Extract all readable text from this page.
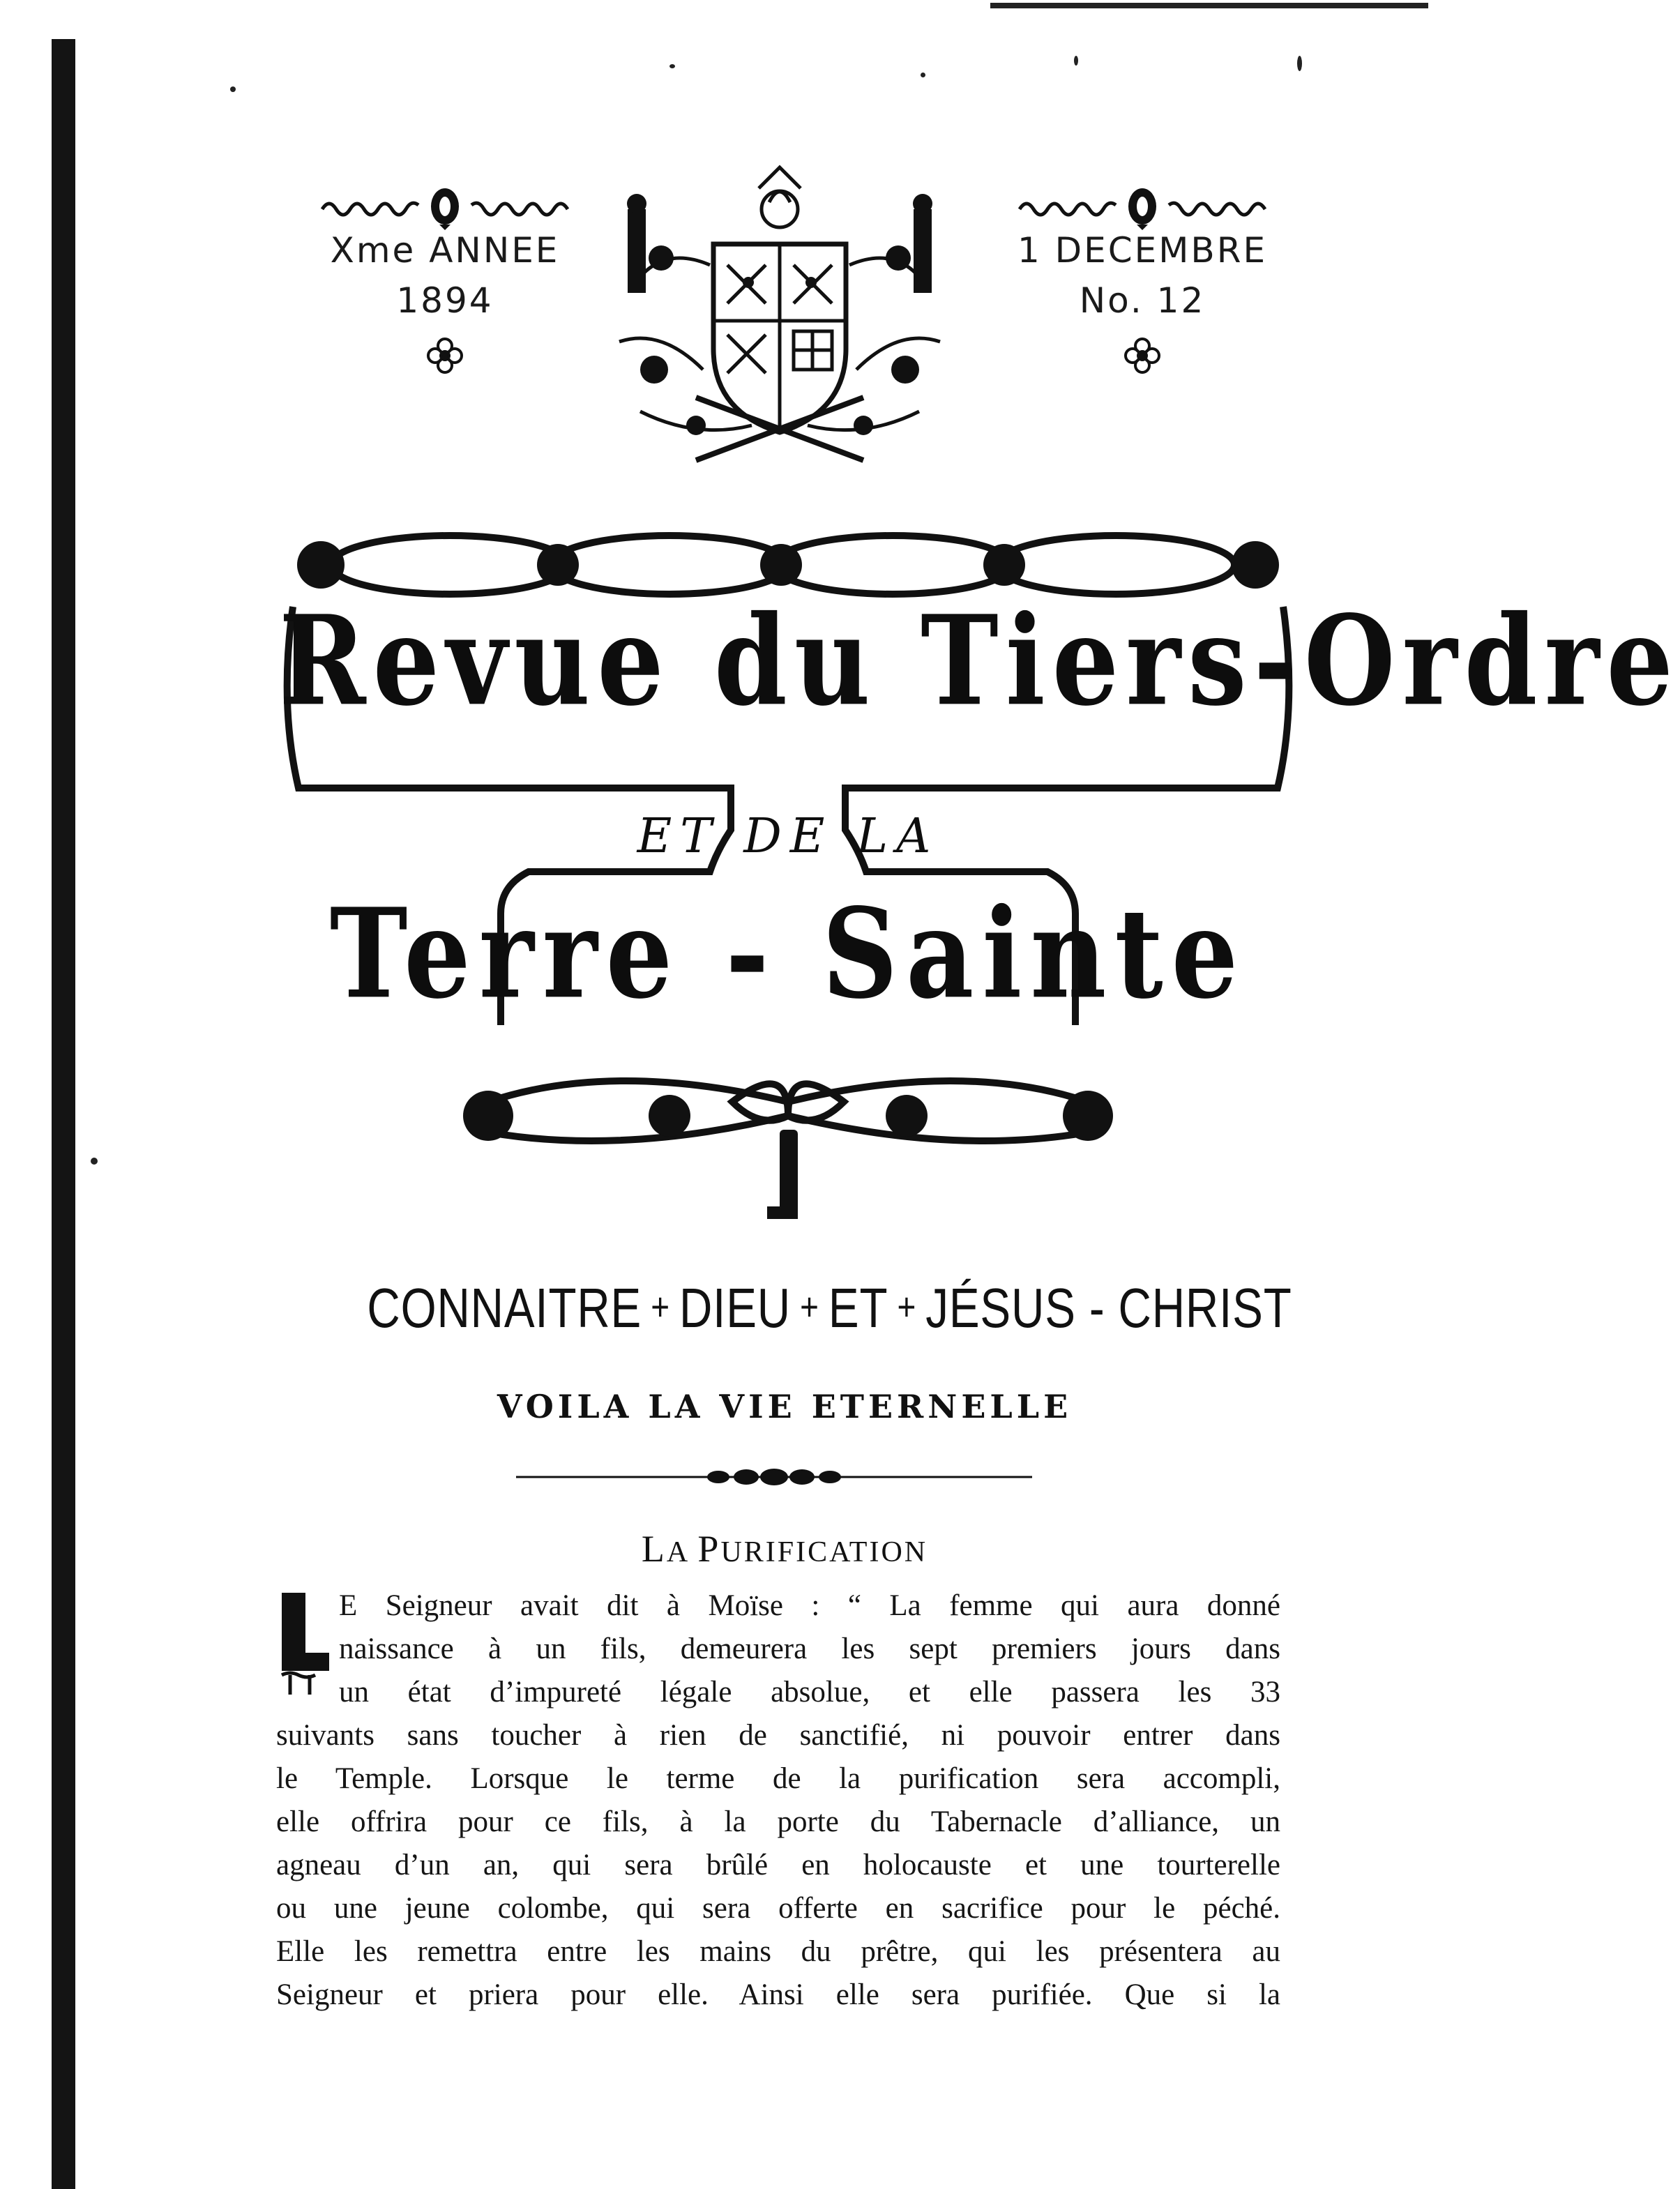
Xme ANNEE
1894
1 DECEMBRE
No. 12
Revue du Tiers-Ordre
ET DE LA
Terre - Sainte
CONNAITRE + DIEU + ET + JÉSUS - CHRIST
VOILA LA VIE ETERNELLE
LA PURIFICATION
L
E Seigneur avait dit à Moïse : “ La femme qui aura donné
naissance à un fils, demeurera les sept premiers jours dans
un état d’impureté légale absolue, et elle passera les 33
suivants sans toucher à rien de sanctifié, ni pouvoir entrer dans
le Temple. Lorsque le terme de la purification sera accompli,
elle offrira pour ce fils, à la porte du Tabernacle d’alliance, un
agneau d’un an, qui sera brûlé en holocauste et une tourterelle
ou une jeune colombe, qui sera offerte en sacrifice pour le péché.
Elle les remettra entre les mains du prêtre, qui les présentera au
Seigneur et priera pour elle. Ainsi elle sera purifiée. Que si la
